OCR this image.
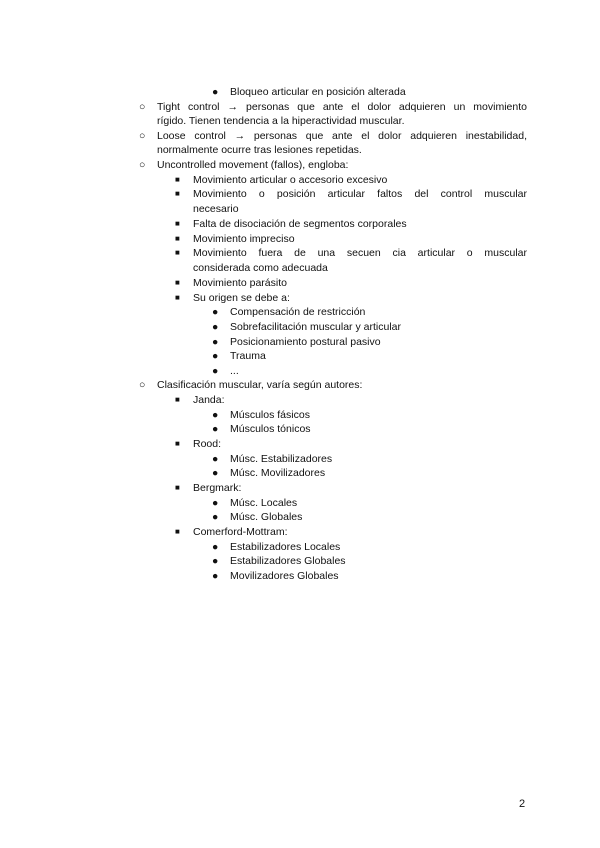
● Bloqueo articular en posición alterada
○ Tight control → personas que ante el dolor adquieren un movimiento
rígido. Tienen tendencia a la hiperactividad muscular.
○ Loose control → personas que ante el dolor adquieren inestabilidad,
normalmente ocurre tras lesiones repetidas.
○ Uncontrolled movement (fallos), engloba:
■ Movimiento articular o accesorio excesivo
■ Movimiento o posición articular faltos del control muscular
necesario
■ Falta de disociación de segmentos corporales
■ Movimiento impreciso
■ Movimiento fuera de una secuen cia articular o muscular
considerada como adecuada
■ Movimiento parásito
■ Su origen se debe a:
● Compensación de restricción
● Sobrefacilitación muscular y articular
● Posicionamiento postural pasivo
● Trauma
● ...
○ Clasificación muscular, varía según autores:
■ Janda:
● Músculos fásicos
● Músculos tónicos
■ Rood:
● Músc. Estabilizadores
● Músc. Movilizadores
■ Bergmark:
● Músc. Locales
● Músc. Globales
■ Comerford-Mottram:
● Estabilizadores Locales
● Estabilizadores Globales
● Movilizadores Globales
2
